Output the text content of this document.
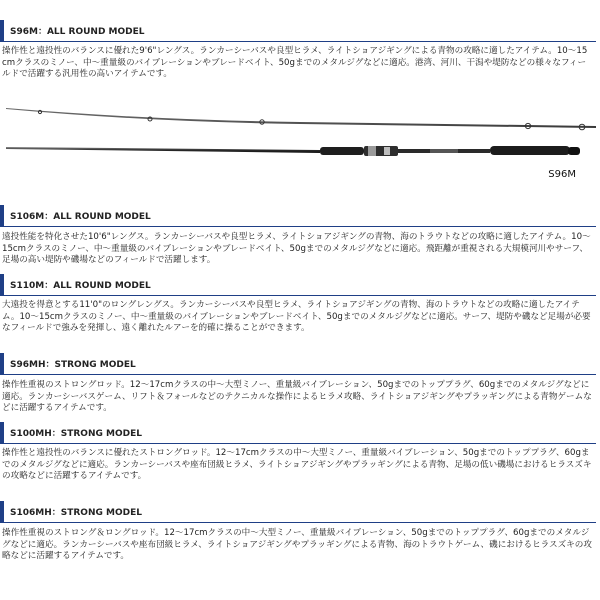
S96M：ALL ROUND MODEL
操作性と遠投性のバランスに優れた9'6"レングス。ランカーシーバスや良型ヒラメ、ライトショアジギングによる青物の攻略に適したアイテム。10～15cmクラスのミノー、中～重量級のバイブレーションやブレードベイト、50gまでのメタルジグなどに適応。港湾、河川、干潟や堤防などの様々なフィールドで活躍する汎用性の高いアイテムです。
S96M
S106M：ALL ROUND MODEL
遠投性能を特化させた10'6"レングス。ランカーシーバスや良型ヒラメ、ライトショアジギングの青物、海のトラウトなどの攻略に適したアイテム。10～15cmクラスのミノー、中～重量級のバイブレーションやブレードベイト、50gまでのメタルジグなどに適応。飛距離が重視される大規模河川やサーフ、足場の高い堤防や磯場などのフィールドで活躍します。
S110M：ALL ROUND MODEL
大遠投を得意とする11'0"のロングレングス。ランカーシーバスや良型ヒラメ、ライトショアジギングの青物、海のトラウトなどの攻略に適したアイテム。10～15cmクラスのミノー、中～重量級のバイブレーションやブレードベイト、50gまでのメタルジグなどに適応。サーフ、堤防や磯など足場が必要なフィールドで強みを発揮し、遠く離れたルアーを的確に操ることができます。
S96MH：STRONG MODEL
操作性重視のストロングロッド。12～17cmクラスの中～大型ミノー、重量級バイブレーション、50gまでのトッププラグ、60gまでのメタルジグなどに適応。ランカーシーバスゲーム、リフト＆フォールなどのテクニカルな操作によるヒラメ攻略、ライトショアジギングやプラッギングによる青物ゲームなどに活躍するアイテムです。
S100MH：STRONG MODEL
操作性と遠投性のバランスに優れたストロングロッド。12～17cmクラスの中～大型ミノー、重量級バイブレーション、50gまでのトッププラグ、60gまでのメタルジグなどに適応。ランカーシーバスや座布団級ヒラメ、ライトショアジギングやプラッギングによる青物、足場の低い磯場におけるヒラスズキの攻略などに活躍するアイテムです。
S106MH：STRONG MODEL
操作性重視のストロング＆ロングロッド。12～17cmクラスの中～大型ミノー、重量級バイブレーション、50gまでのトッププラグ、60gまでのメタルジグなどに適応。ランカーシーバスや座布団級ヒラメ、ライトショアジギングやプラッギングによる青物、海のトラウトゲーム、磯におけるヒラスズキの攻略などに活躍するアイテムです。
